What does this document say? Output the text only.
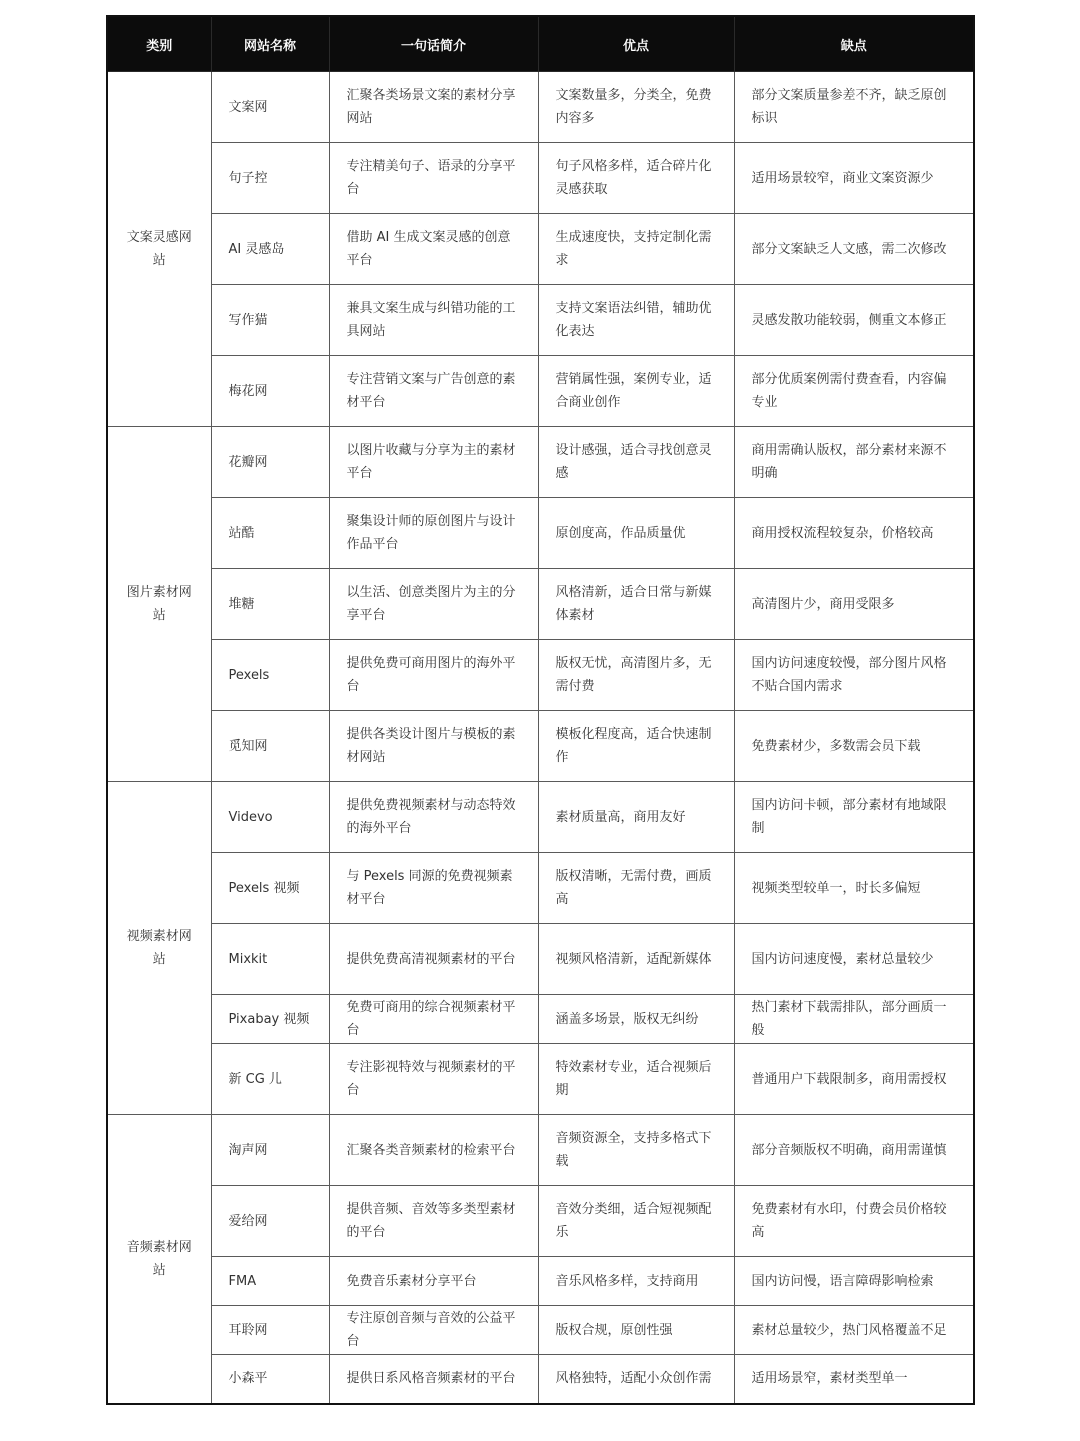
类别	网站名称	一句话简介	优点	缺点
文案灵感网站	文案网	汇聚各类场景文案的素材分享网站	文案数量多，分类全，免费内容多	部分文案质量参差不齐，缺乏原创标识
	句子控	专注精美句子、语录的分享平台	句子风格多样，适合碎片化灵感获取	适用场景较窄，商业文案资源少
	AI 灵感岛	借助 AI 生成文案灵感的创意平台	生成速度快，支持定制化需求	部分文案缺乏人文感，需二次修改
	写作猫	兼具文案生成与纠错功能的工具网站	支持文案语法纠错，辅助优化表达	灵感发散功能较弱，侧重文本修正
	梅花网	专注营销文案与广告创意的素材平台	营销属性强，案例专业，适合商业创作	部分优质案例需付费查看，内容偏专业
图片素材网站	花瓣网	以图片收藏与分享为主的素材平台	设计感强，适合寻找创意灵感	商用需确认版权，部分素材来源不明确
	站酷	聚集设计师的原创图片与设计作品平台	原创度高，作品质量优	商用授权流程较复杂，价格较高
	堆糖	以生活、创意类图片为主的分享平台	风格清新，适合日常与新媒体素材	高清图片少，商用受限多
	Pexels	提供免费可商用图片的海外平台	版权无忧，高清图片多，无需付费	国内访问速度较慢，部分图片风格不贴合国内需求
	觅知网	提供各类设计图片与模板的素材网站	模板化程度高，适合快速制作	免费素材少，多数需会员下载
视频素材网站	Videvo	提供免费视频素材与动态特效的海外平台	素材质量高，商用友好	国内访问卡顿，部分素材有地域限制
	Pexels 视频	与 Pexels 同源的免费视频素材平台	版权清晰，无需付费，画质高	视频类型较单一，时长多偏短
	Mixkit	提供免费高清视频素材的平台	视频风格清新，适配新媒体	国内访问速度慢，素材总量较少
	Pixabay 视频	免费可商用的综合视频素材平台	涵盖多场景，版权无纠纷	热门素材下载需排队，部分画质一般
	新 CG 儿	专注影视特效与视频素材的平台	特效素材专业，适合视频后期	普通用户下载限制多，商用需授权
音频素材网站	淘声网	汇聚各类音频素材的检索平台	音频资源全，支持多格式下载	部分音频版权不明确，商用需谨慎
	爱给网	提供音频、音效等多类型素材的平台	音效分类细，适合短视频配乐	免费素材有水印，付费会员价格较高
	FMA	免费音乐素材分享平台	音乐风格多样，支持商用	国内访问慢，语言障碍影响检索
	耳聆网	专注原创音频与音效的公益平台	版权合规，原创性强	素材总量较少，热门风格覆盖不足
	小森平	提供日系风格音频素材的平台	风格独特，适配小众创作需	适用场景窄，素材类型单一
